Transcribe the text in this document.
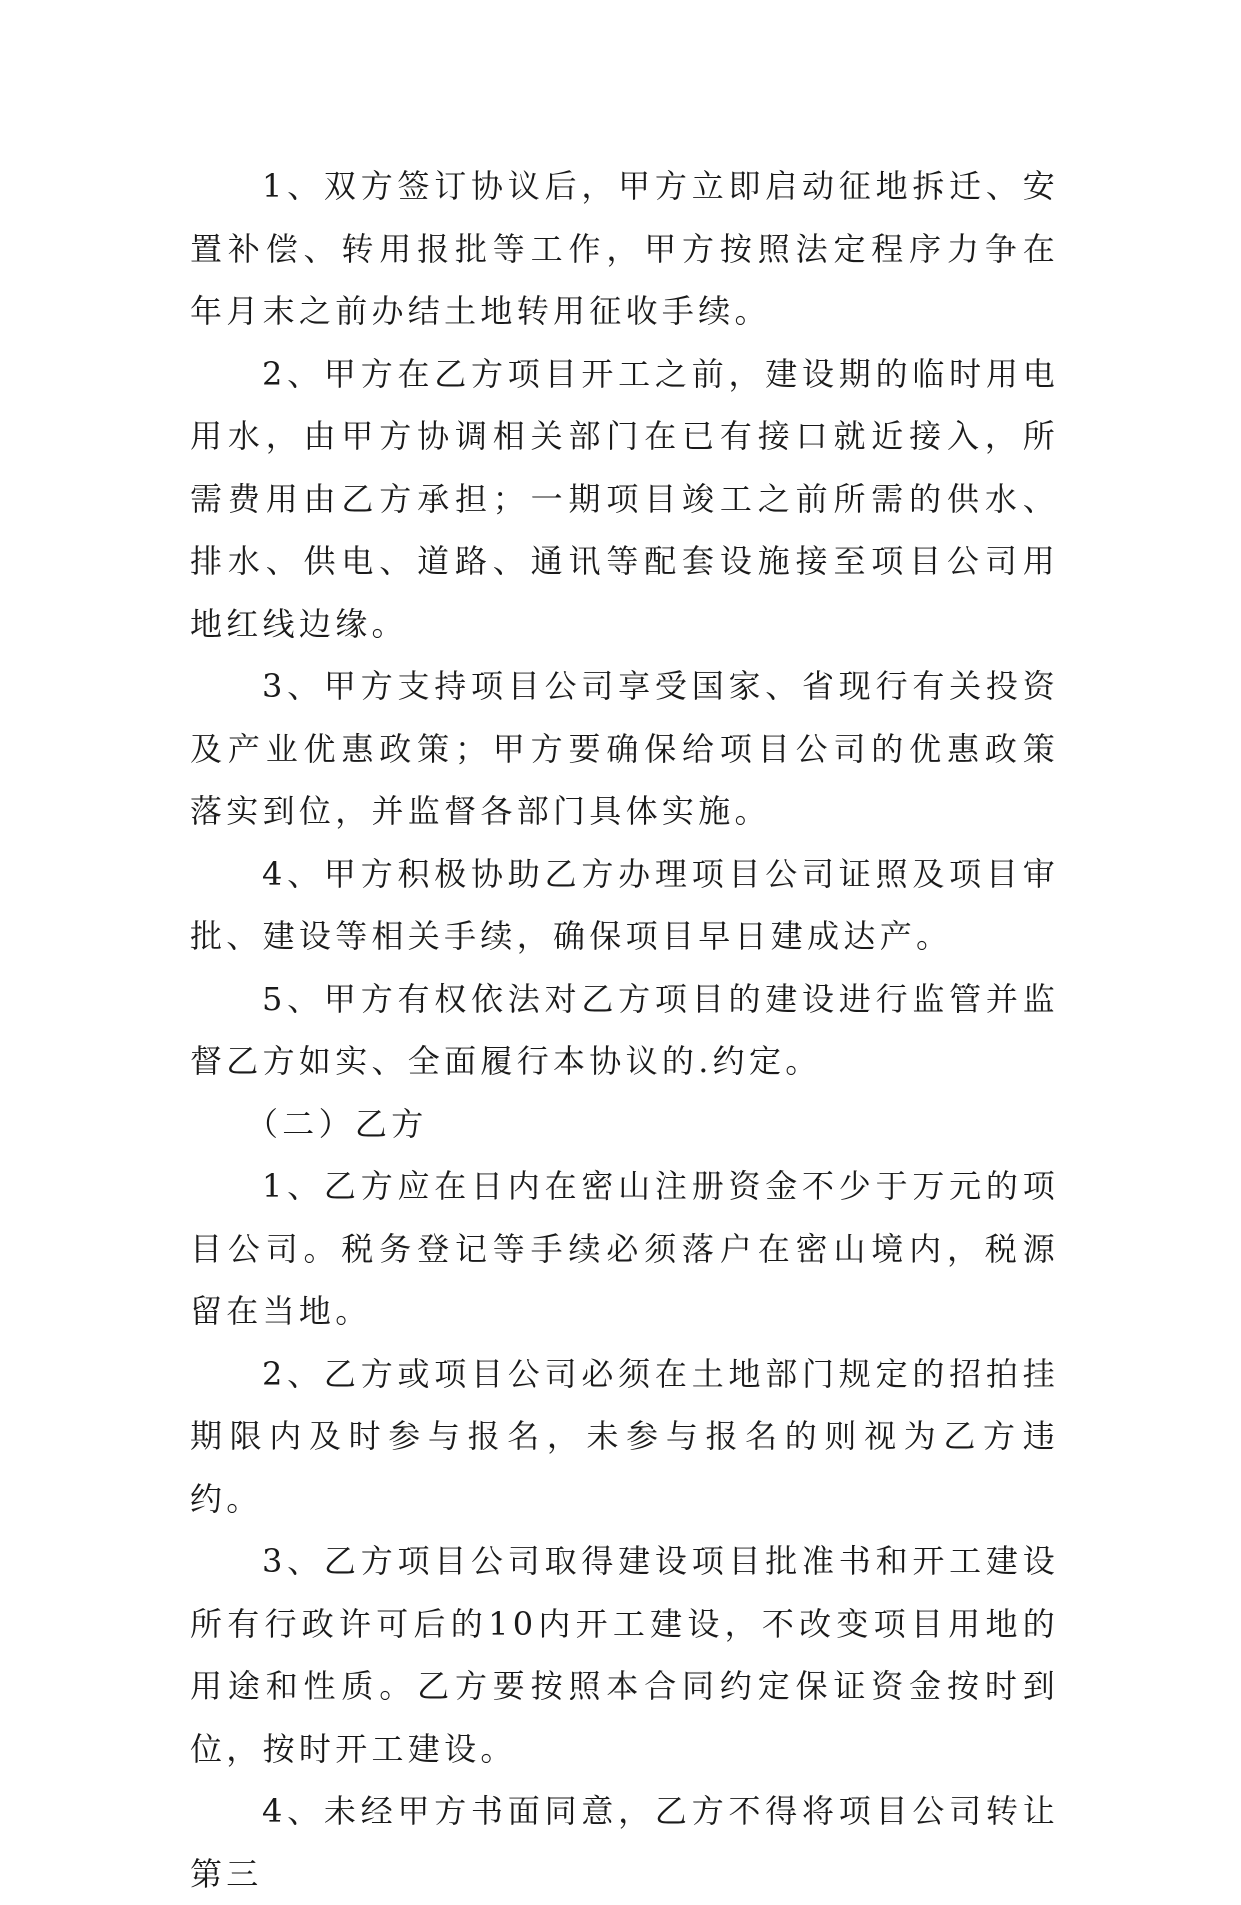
1、双方签订协议后，甲方立即启动征地拆迁、安置补偿、转用报批等工作，甲方按照法定程序力争在年月末之前办结土地转用征收手续。

2、甲方在乙方项目开工之前，建设期的临时用电用水，由甲方协调相关部门在已有接口就近接入，所需费用由乙方承担；一期项目竣工之前所需的供水、排水、供电、道路、通讯等配套设施接至项目公司用地红线边缘。

3、甲方支持项目公司享受国家、省现行有关投资及产业优惠政策；甲方要确保给项目公司的优惠政策落实到位，并监督各部门具体实施。

4、甲方积极协助乙方办理项目公司证照及项目审批、建设等相关手续，确保项目早日建成达产。

5、甲方有权依法对乙方项目的建设进行监管并监督乙方如实、全面履行本协议的.约定。

（二）乙方

1、乙方应在日内在密山注册资金不少于万元的项目公司。税务登记等手续必须落户在密山境内，税源留在当地。

2、乙方或项目公司必须在土地部门规定的招拍挂期限内及时参与报名，未参与报名的则视为乙方违约。

3、乙方项目公司取得建设项目批准书和开工建设所有行政许可后的10内开工建设，不改变项目用地的用途和性质。乙方要按照本合同约定保证资金按时到位，按时开工建设。

4、未经甲方书面同意，乙方不得将项目公司转让第三
